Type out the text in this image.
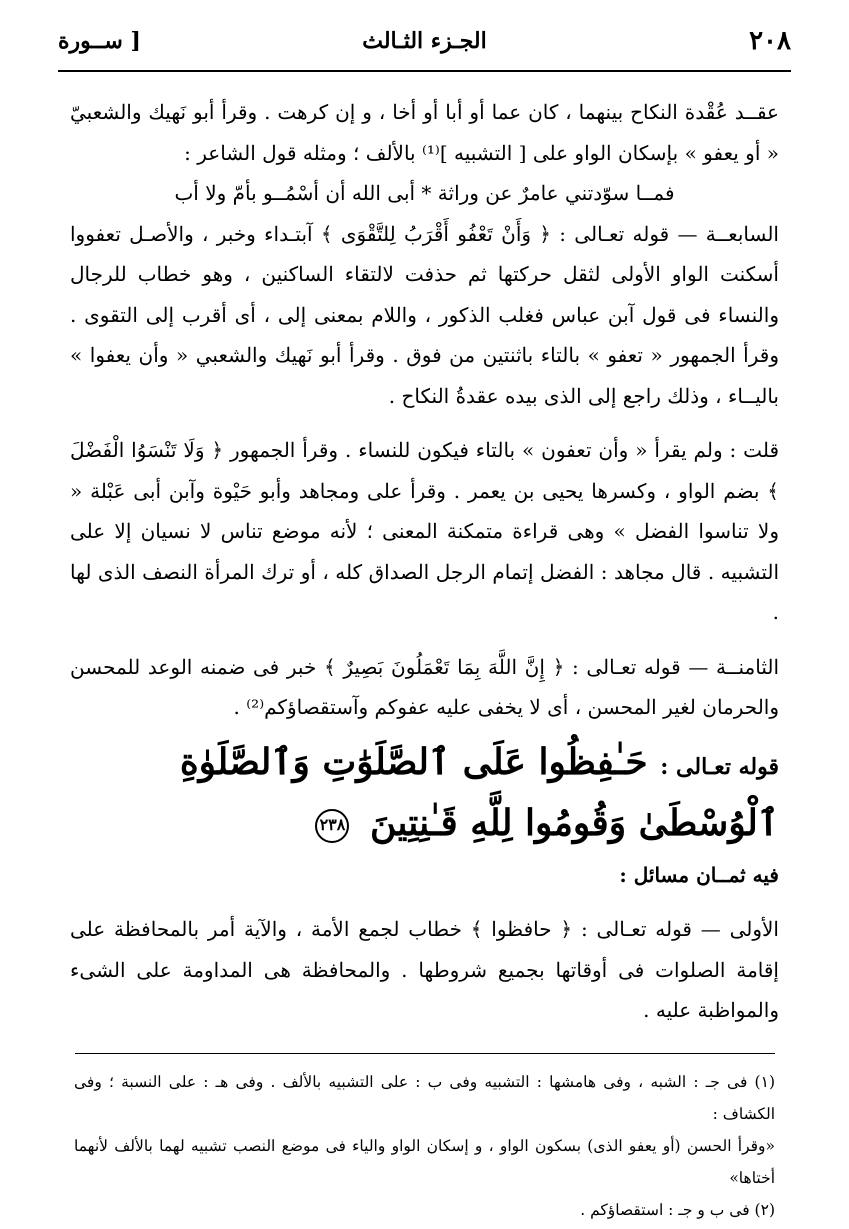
٢٠٨
الجـزء الثـالث
[ ســورة

عقــد عُقْدة النكاح بينهما ، كان عما أو أبا أو أخا ، و إن كرهت . وقرأ أبو نَهيك والشعبيّ « أو يعفو » بإسكان الواو على [ التشبيه ]⁽¹⁾ بالألف ؛ ومثله قول الشاعر :

فمــا سوّدتني عامرٌ عن وراثة * أبى الله أن أسْمُــو بأمّ ولا أب

السابعــة — قوله تعـالى : ﴿ وَأَنْ تَعْفُو أَقْرَبُ لِلتَّقْوَى ﴾ آبتـداء وخبر ، والأصـل تعفووا أسكنت الواو الأولى لثقل حركتها ثم حذفت لالتقاء الساكنين ، وهو خطاب للرجال والنساء فى قول آبن عباس فغلب الذكور ، واللام بمعنى إلى ، أى أقرب إلى التقوى . وقرأ الجمهور « تعفو » بالتاء باثنتين من فوق . وقرأ أبو نَهيك والشعبي « وأن يعفوا » باليــاء ، وذلك راجع إلى الذى بيده عقدةُ النكاح .

قلت : ولم يقرأ « وأن تعفون » بالتاء فيكون للنساء . وقرأ الجمهور ﴿ وَلَا تَنْسَوُا الْفَضْلَ ﴾ بضم الواو ، وكسرها يحيى بن يعمر . وقرأ على ومجاهد وأبو حَيْوة وآبن أبى عَبْلة « ولا تناسوا الفضل » وهى قراءة متمكنة المعنى ؛ لأنه موضع تناس لا نسيان إلا على التشبيه . قال مجاهد : الفضل إتمام الرجل الصداق كله ، أو ترك المرأة النصف الذى لها .

الثامنــة — قوله تعـالى : ﴿ إِنَّ اللَّهَ بِمَا تَعْمَلُونَ بَصِيرٌ ﴾ خبر فى ضمنه الوعد للمحسن والحرمان لغير المحسن ، أى لا يخفى عليه عفوكم وآستقصاؤكم⁽²⁾ .

قوله تعـالى : حَـٰفِظُوا عَلَى ٱلصَّلَوَٰتِ وَٱلصَّلَوٰةِ ٱلْوُسْطَىٰ وَقُومُوا لِلَّهِ قَـٰنِتِينَ ٢٣٨

فيه ثمــان مسائل :

الأولى — قوله تعـالى : ﴿ حافظوا ﴾ خطاب لجمع الأمة ، والآية أمر بالمحافظة على إقامة الصلوات فى أوقاتها بجميع شروطها . والمحافظة هى المداومة على الشىء والمواظبة عليه .

(١) فى جـ : الشبه ، وفى هامشها : التشبيه وفى ب : على التشبيه بالألف . وفى هـ : على النسبة ؛ وفى الكشاف :

«وقرأ الحسن (أو يعفو الذى) بسكون الواو ، و إسكان الواو والياء فى موضع النصب تشبيه لهما بالألف لأنهما أختاها»

(٢) فى ب و جـ : استقصاؤكم .
